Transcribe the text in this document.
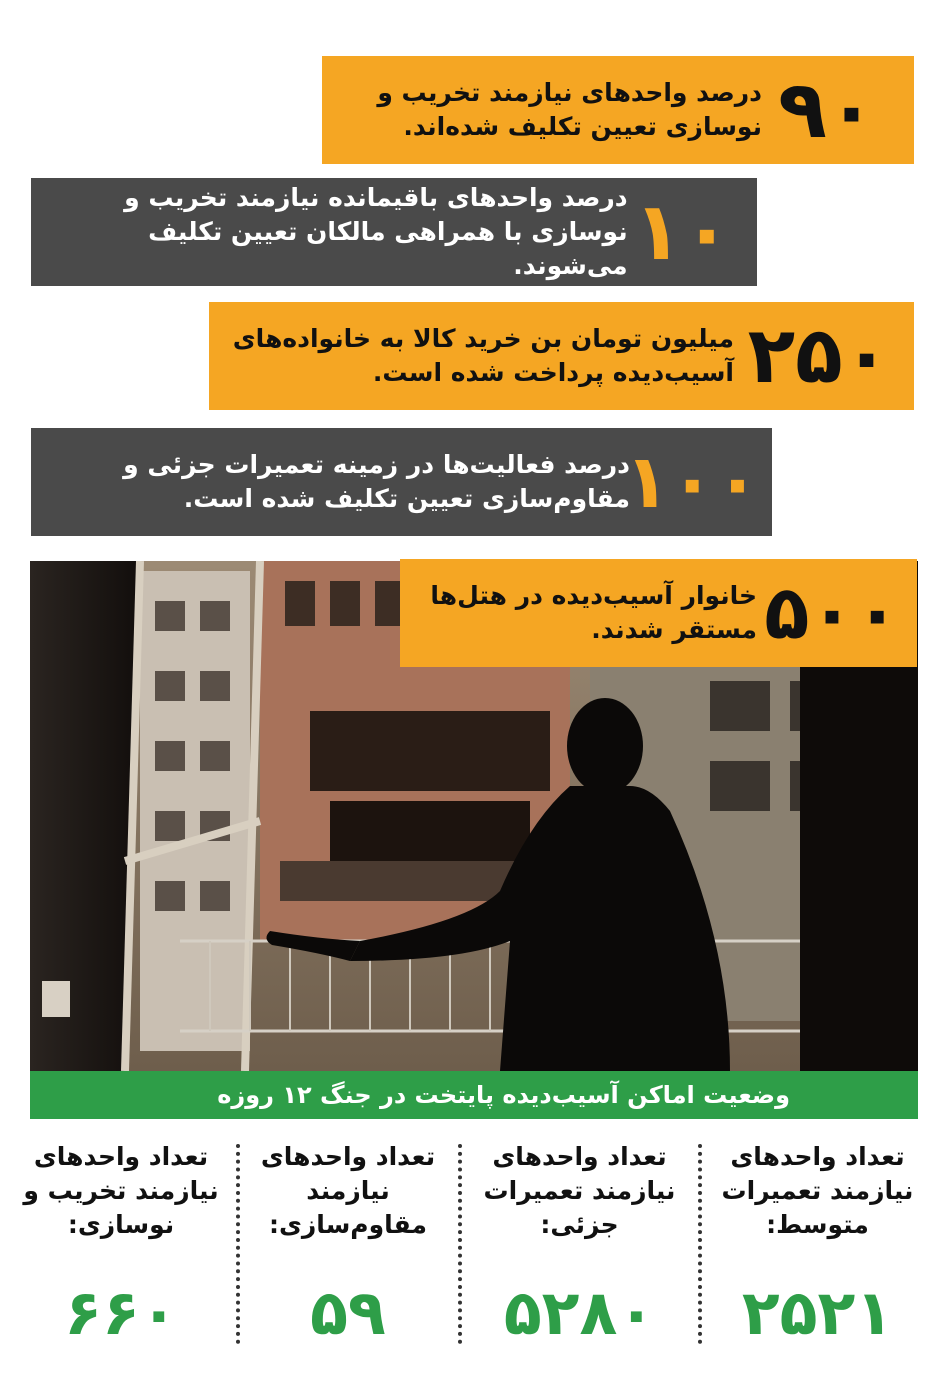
۹۰
درصد واحدهای نیازمند تخریب و نوسازی تعیین تکلیف شده‌اند.
۱۰
درصد واحدهای باقیمانده نیازمند تخریب و نوسازی با همراهی مالکان تعیین تکلیف می‌شوند.
۲۵۰
میلیون تومان بن خرید کالا به خانواده‌های آسیب‌دیده پرداخت شده است.
۱۰۰
درصد فعالیت‌ها در زمینه تعمیرات جزئی و مقاوم‌سازی تعیین تکلیف شده است.
۵۰۰
خانوار آسیب‌دیده در هتل‌ها مستقر شدند.
وضعیت اماکن آسیب‌دیده پایتخت در جنگ ۱۲ روزه
تعداد واحدهای نیازمند تعمیرات متوسط:
۲۵۲۱
تعداد واحدهای نیازمند تعمیرات جزئی:
۵۲۸۰
تعداد واحدهای نیازمند مقاوم‌سازی:
۵۹
تعداد واحدهای نیازمند تخریب و نوسازی:
۶۶۰
